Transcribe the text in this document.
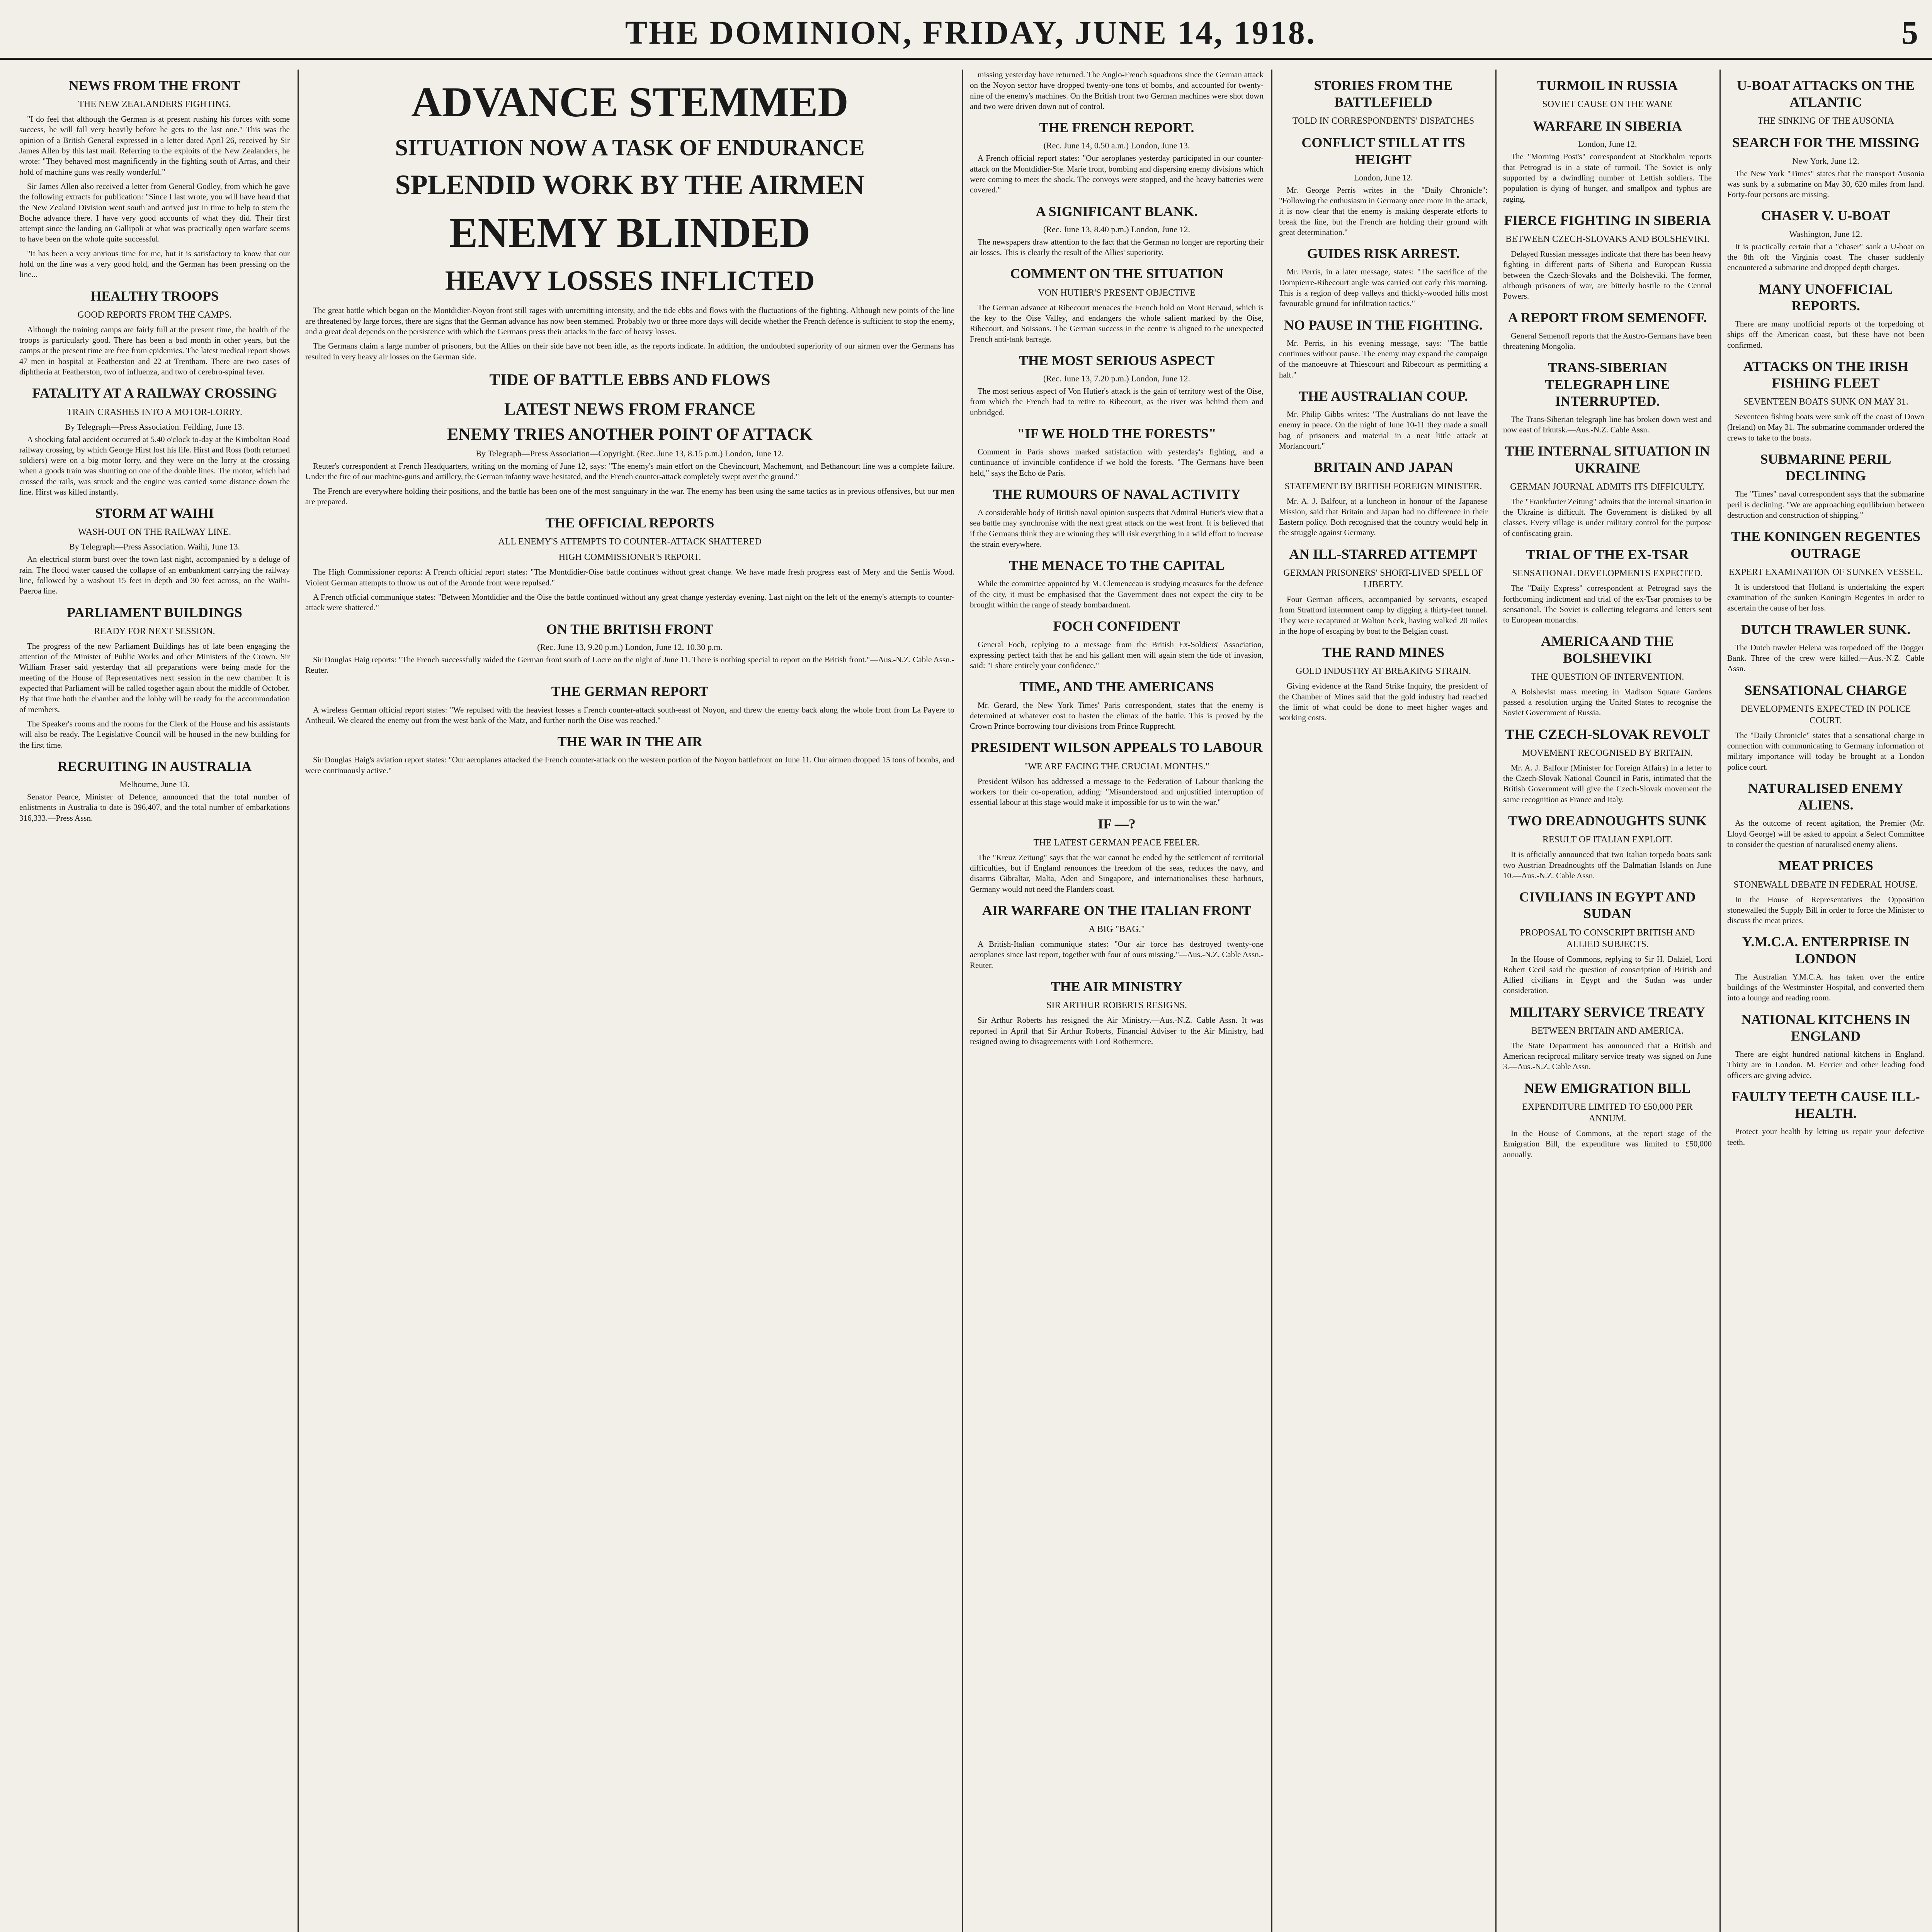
THE DOMINION, FRIDAY, JUNE 14, 1918.	5
NEWS FROM THE FRONT
THE NEW ZEALANDERS FIGHTING.

"I do feel that although the German is at present rushing his forces with some success, he will fall very heavily before he gets to the last one." This was the opinion of a British General expressed in a letter dated April 26, received by Sir James Allen by this last mail. Referring to the exploits of the New Zealanders, he wrote: "They behaved most magnificently in the fighting south of Arras, and their hold of machine guns was really wonderful."

Sir James Allen also received a letter from General Godley, from which he gave the following extracts for publication: "Since I last wrote, you will have heard that the New Zealand Division went south and arrived just in time to help to stem the Boche advance there. I have very good accounts of what they did. Their first attempt since the landing on Gallipoli at what was practically open warfare seems to have been on the whole quite successful.

"It has been a very anxious time for me, but it is satisfactory to know that our hold on the line was a very good hold, and the German has been pressing on the line...

HEALTHY TROOPS
GOOD REPORTS FROM THE CAMPS.

Although the training camps are fairly full at the present time, the health of the troops is particularly good. There has been a bad month in other years, but the camps at the present time are free from epidemics. The latest medical report shows 47 men in hospital at Featherston and 22 at Trentham. There are two cases of diphtheria at Featherston, two of influenza, and two of cerebro-spinal fever.

FATALITY AT A RAILWAY CROSSING
TRAIN CRASHES INTO A MOTOR-LORRY.
By Telegraph—Press Association. Feilding, June 13.

A shocking fatal accident occurred at 5.40 o'clock to-day at the Kimbolton Road railway crossing, by which George Hirst lost his life. Hirst and Ross (both returned soldiers) were on a big motor lorry, and they were on the lorry at the crossing when a goods train was shunting on one of the double lines. The motor, which had crossed the rails, was struck and the engine was carried some distance down the line. Hirst was killed instantly.

STORM AT WAIHI
WASH-OUT ON THE RAILWAY LINE.
By Telegraph—Press Association. Waihi, June 13.

An electrical storm burst over the town last night, accompanied by a deluge of rain. The flood water caused the collapse of an embankment carrying the railway line, followed by a washout 15 feet in depth and 30 feet across, on the Waihi-Paeroa line.

PARLIAMENT BUILDINGS
READY FOR NEXT SESSION.

The progress of the new Parliament Buildings has of late been engaging the attention of the Minister of Public Works and other Ministers of the Crown. Sir William Fraser said yesterday that all preparations were being made for the meeting of the House of Representatives next session in the new chamber. It is expected that Parliament will be called together again about the middle of October. By that time both the chamber and the lobby will be ready for the accommodation of members.

The Speaker's rooms and the rooms for the Clerk of the House and his assistants will also be ready. The Legislative Council will be housed in the new building for the first time.

RECRUITING IN AUSTRALIA
Melbourne, June 13.

Senator Pearce, Minister of Defence, announced that the total number of enlistments in Australia to date is 396,407, and the total number of embarkations 316,333.—Press Assn.

ADVANCE STEMMED
SITUATION NOW A TASK OF ENDURANCE
SPLENDID WORK BY THE AIRMEN
ENEMY BLINDED
HEAVY LOSSES INFLICTED

The great battle which began on the Montdidier-Noyon front still rages with unremitting intensity, and the tide ebbs and flows with the fluctuations of the fighting. Although new points of the line are threatened by large forces, there are signs that the German advance has now been stemmed. Probably two or three more days will decide whether the French defence is sufficient to stop the enemy, and a great deal depends on the persistence with which the Germans press their attacks in the face of heavy losses.

The Germans claim a large number of prisoners, but the Allies on their side have not been idle, as the reports indicate. In addition, the undoubted superiority of our airmen over the Germans has resulted in very heavy air losses on the German side.

TIDE OF BATTLE EBBS AND FLOWS
LATEST NEWS FROM FRANCE
ENEMY TRIES ANOTHER POINT OF ATTACK
By Telegraph—Press Association—Copyright. (Rec. June 13, 8.15 p.m.) London, June 12.

Reuter's correspondent at French Headquarters, writing on the morning of June 12, says: "The enemy's main effort on the Chevincourt, Machemont, and Bethancourt line was a complete failure. Under the fire of our machine-guns and artillery, the German infantry wave hesitated, and the French counter-attack completely swept over the ground."

The French are everywhere holding their positions, and the battle has been one of the most sanguinary in the war. The enemy has been using the same tactics as in previous offensives, but our men are prepared.

THE OFFICIAL REPORTS
ALL ENEMY'S ATTEMPTS TO COUNTER-ATTACK SHATTERED
HIGH COMMISSIONER'S REPORT.

The High Commissioner reports: A French official report states: "The Montdidier-Oise battle continues without great change. We have made fresh progress east of Mery and the Senlis Wood. Violent German attempts to throw us out of the Aronde front were repulsed."

A French official communique states: "Between Montdidier and the Oise the battle continued without any great change yesterday evening. Last night on the left of the enemy's attempts to counter-attack were shattered."

ON THE BRITISH FRONT
(Rec. June 13, 9.20 p.m.) London, June 12, 10.30 p.m.

Sir Douglas Haig reports: "The French successfully raided the German front south of Locre on the night of June 11. There is nothing special to report on the British front."—Aus.-N.Z. Cable Assn.-Reuter.

THE GERMAN REPORT

A wireless German official report states: "We repulsed with the heaviest losses a French counter-attack south-east of Noyon, and threw the enemy back along the whole front from La Payere to Antheuil. We cleared the enemy out from the west bank of the Matz, and further north the Oise was reached."

THE WAR IN THE AIR

Sir Douglas Haig's aviation report states: "Our aeroplanes attacked the French counter-attack on the western portion of the Noyon battlefront on June 11. Our airmen dropped 15 tons of bombs, and were continuously active."

missing yesterday have returned. The Anglo-French squadrons since the German attack on the Noyon sector have dropped twenty-one tons of bombs, and accounted for twenty-nine of the enemy's machines. On the British front two German machines were shot down and two were driven down out of control.

THE FRENCH REPORT.
(Rec. June 14, 0.50 a.m.) London, June 13.

A French official report states: "Our aeroplanes yesterday participated in our counter-attack on the Montdidier-Ste. Marie front, bombing and dispersing enemy divisions which were coming to meet the shock. The convoys were stopped, and the heavy batteries were covered."

A SIGNIFICANT BLANK.
(Rec. June 13, 8.40 p.m.) London, June 12.

The newspapers draw attention to the fact that the German no longer are reporting their air losses. This is clearly the result of the Allies' superiority.

COMMENT ON THE SITUATION
VON HUTIER'S PRESENT OBJECTIVE

The German advance at Ribecourt menaces the French hold on Mont Renaud, which is the key to the Oise Valley, and endangers the whole salient marked by the Oise, Ribecourt, and Soissons. The German success in the centre is aligned to the unexpected French anti-tank barrage.

THE MOST SERIOUS ASPECT
(Rec. June 13, 7.20 p.m.) London, June 12.

The most serious aspect of Von Hutier's attack is the gain of territory west of the Oise, from which the French had to retire to Ribecourt, as the river was behind them and unbridged.

"IF WE HOLD THE FORESTS"

Comment in Paris shows marked satisfaction with yesterday's fighting, and a continuance of invincible confidence if we hold the forests. "The Germans have been held," says the Echo de Paris.

THE RUMOURS OF NAVAL ACTIVITY

A considerable body of British naval opinion suspects that Admiral Hutier's view that a sea battle may synchronise with the next great attack on the west front. It is believed that if the Germans think they are winning they will risk everything in a wild effort to increase the strain everywhere.

THE MENACE TO THE CAPITAL

While the committee appointed by M. Clemenceau is studying measures for the defence of the city, it must be emphasised that the Government does not expect the city to be brought within the range of steady bombardment.

FOCH CONFIDENT

General Foch, replying to a message from the British Ex-Soldiers' Association, expressing perfect faith that he and his gallant men will again stem the tide of invasion, said: "I share entirely your confidence."

TIME, AND THE AMERICANS

Mr. Gerard, the New York Times' Paris correspondent, states that the enemy is determined at whatever cost to hasten the climax of the battle. This is proved by the Crown Prince borrowing four divisions from Prince Rupprecht.

PRESIDENT WILSON APPEALS TO LABOUR
"WE ARE FACING THE CRUCIAL MONTHS."

President Wilson has addressed a message to the Federation of Labour thanking the workers for their co-operation, adding: "Misunderstood and unjustified interruption of essential labour at this stage would make it impossible for us to win the war."

IF —?
THE LATEST GERMAN PEACE FEELER.

The "Kreuz Zeitung" says that the war cannot be ended by the settlement of territorial difficulties, but if England renounces the freedom of the seas, reduces the navy, and disarms Gibraltar, Malta, Aden and Singapore, and internationalises these harbours, Germany would not need the Flanders coast.

AIR WARFARE ON THE ITALIAN FRONT
A BIG "BAG."

A British-Italian communique states: "Our air force has destroyed twenty-one aeroplanes since last report, together with four of ours missing."—Aus.-N.Z. Cable Assn.-Reuter.

THE AIR MINISTRY
SIR ARTHUR ROBERTS RESIGNS.

Sir Arthur Roberts has resigned the Air Ministry.—Aus.-N.Z. Cable Assn. It was reported in April that Sir Arthur Roberts, Financial Adviser to the Air Ministry, had resigned owing to disagreements with Lord Rothermere.

STORIES FROM THE BATTLEFIELD
TOLD IN CORRESPONDENTS' DISPATCHES
CONFLICT STILL AT ITS HEIGHT
London, June 12.

Mr. George Perris writes in the "Daily Chronicle": "Following the enthusiasm in Germany once more in the attack, it is now clear that the enemy is making desperate efforts to break the line, but the French are holding their ground with great determination."

GUIDES RISK ARREST.

Mr. Perris, in a later message, states: "The sacrifice of the Dompierre-Ribecourt angle was carried out early this morning. This is a region of deep valleys and thickly-wooded hills most favourable ground for infiltration tactics."

NO PAUSE IN THE FIGHTING.

Mr. Perris, in his evening message, says: "The battle continues without pause. The enemy may expand the campaign of the manoeuvre at Thiescourt and Ribecourt as permitting a halt."

THE AUSTRALIAN COUP.

Mr. Philip Gibbs writes: "The Australians do not leave the enemy in peace. On the night of June 10-11 they made a small bag of prisoners and material in a neat little attack at Morlancourt."

BRITAIN AND JAPAN
STATEMENT BY BRITISH FOREIGN MINISTER.

Mr. A. J. Balfour, at a luncheon in honour of the Japanese Mission, said that Britain and Japan had no difference in their Eastern policy. Both recognised that the country would help in the struggle against Germany.

AN ILL-STARRED ATTEMPT
GERMAN PRISONERS' SHORT-LIVED SPELL OF LIBERTY.

Four German officers, accompanied by servants, escaped from Stratford internment camp by digging a thirty-feet tunnel. They were recaptured at Walton Neck, having walked 20 miles in the hope of escaping by boat to the Belgian coast.

THE RAND MINES
GOLD INDUSTRY AT BREAKING STRAIN.

Giving evidence at the Rand Strike Inquiry, the president of the Chamber of Mines said that the gold industry had reached the limit of what could be done to meet higher wages and working costs.

TURMOIL IN RUSSIA
SOVIET CAUSE ON THE WANE
WARFARE IN SIBERIA
London, June 12.

The "Morning Post's" correspondent at Stockholm reports that Petrograd is in a state of turmoil. The Soviet is only supported by a dwindling number of Lettish soldiers. The population is dying of hunger, and smallpox and typhus are raging.

FIERCE FIGHTING IN SIBERIA
BETWEEN CZECH-SLOVAKS AND BOLSHEVIKI.

Delayed Russian messages indicate that there has been heavy fighting in different parts of Siberia and European Russia between the Czech-Slovaks and the Bolsheviki. The former, although prisoners of war, are bitterly hostile to the Central Powers.

A REPORT FROM SEMENOFF.

General Semenoff reports that the Austro-Germans have been threatening Mongolia.

TRANS-SIBERIAN TELEGRAPH LINE INTERRUPTED.

The Trans-Siberian telegraph line has broken down west and now east of Irkutsk.—Aus.-N.Z. Cable Assn.

THE INTERNAL SITUATION IN UKRAINE
GERMAN JOURNAL ADMITS ITS DIFFICULTY.

The "Frankfurter Zeitung" admits that the internal situation in the Ukraine is difficult. The Government is disliked by all classes. Every village is under military control for the purpose of confiscating grain.

TRIAL OF THE EX-TSAR
SENSATIONAL DEVELOPMENTS EXPECTED.

The "Daily Express" correspondent at Petrograd says the forthcoming indictment and trial of the ex-Tsar promises to be sensational. The Soviet is collecting telegrams and letters sent to European monarchs.

AMERICA AND THE BOLSHEVIKI
THE QUESTION OF INTERVENTION.

A Bolshevist mass meeting in Madison Square Gardens passed a resolution urging the United States to recognise the Soviet Government of Russia.

THE CZECH-SLOVAK REVOLT
MOVEMENT RECOGNISED BY BRITAIN.

Mr. A. J. Balfour (Minister for Foreign Affairs) in a letter to the Czech-Slovak National Council in Paris, intimated that the British Government will give the Czech-Slovak movement the same recognition as France and Italy.

TWO DREADNOUGHTS SUNK
RESULT OF ITALIAN EXPLOIT.

It is officially announced that two Italian torpedo boats sank two Austrian Dreadnoughts off the Dalmatian Islands on June 10.—Aus.-N.Z. Cable Assn.

CIVILIANS IN EGYPT AND SUDAN
PROPOSAL TO CONSCRIPT BRITISH AND ALLIED SUBJECTS.

In the House of Commons, replying to Sir H. Dalziel, Lord Robert Cecil said the question of conscription of British and Allied civilians in Egypt and the Sudan was under consideration.

MILITARY SERVICE TREATY
BETWEEN BRITAIN AND AMERICA.

The State Department has announced that a British and American reciprocal military service treaty was signed on June 3.—Aus.-N.Z. Cable Assn.

NEW EMIGRATION BILL
EXPENDITURE LIMITED TO £50,000 PER ANNUM.

In the House of Commons, at the report stage of the Emigration Bill, the expenditure was limited to £50,000 annually.

U-BOAT ATTACKS ON THE ATLANTIC
THE SINKING OF THE AUSONIA
SEARCH FOR THE MISSING
New York, June 12.

The New York "Times" states that the transport Ausonia was sunk by a submarine on May 30, 620 miles from land. Forty-four persons are missing.

CHASER V. U-BOAT
Washington, June 12.

It is practically certain that a "chaser" sank a U-boat on the 8th off the Virginia coast. The chaser suddenly encountered a submarine and dropped depth charges.

MANY UNOFFICIAL REPORTS.

There are many unofficial reports of the torpedoing of ships off the American coast, but these have not been confirmed.

ATTACKS ON THE IRISH FISHING FLEET
SEVENTEEN BOATS SUNK ON MAY 31.

Seventeen fishing boats were sunk off the coast of Down (Ireland) on May 31. The submarine commander ordered the crews to take to the boats.

SUBMARINE PERIL DECLINING

The "Times" naval correspondent says that the submarine peril is declining. "We are approaching equilibrium between destruction and construction of shipping."

THE KONINGEN REGENTES OUTRAGE
EXPERT EXAMINATION OF SUNKEN VESSEL.

It is understood that Holland is undertaking the expert examination of the sunken Koningin Regentes in order to ascertain the cause of her loss.

DUTCH TRAWLER SUNK.

The Dutch trawler Helena was torpedoed off the Dogger Bank. Three of the crew were killed.—Aus.-N.Z. Cable Assn.

SENSATIONAL CHARGE
DEVELOPMENTS EXPECTED IN POLICE COURT.

The "Daily Chronicle" states that a sensational charge in connection with communicating to Germany information of military importance will today be brought at a London police court.

NATURALISED ENEMY ALIENS.

As the outcome of recent agitation, the Premier (Mr. Lloyd George) will be asked to appoint a Select Committee to consider the question of naturalised enemy aliens.

MEAT PRICES
STONEWALL DEBATE IN FEDERAL HOUSE.

In the House of Representatives the Opposition stonewalled the Supply Bill in order to force the Minister to discuss the meat prices.

Y.M.C.A. ENTERPRISE IN LONDON

The Australian Y.M.C.A. has taken over the entire buildings of the Westminster Hospital, and converted them into a lounge and reading room.

NATIONAL KITCHENS IN ENGLAND

There are eight hundred national kitchens in England. Thirty are in London. M. Ferrier and other leading food officers are giving advice.

FAULTY TEETH CAUSE ILL-HEALTH.

Protect your health by letting us repair your defective teeth.
